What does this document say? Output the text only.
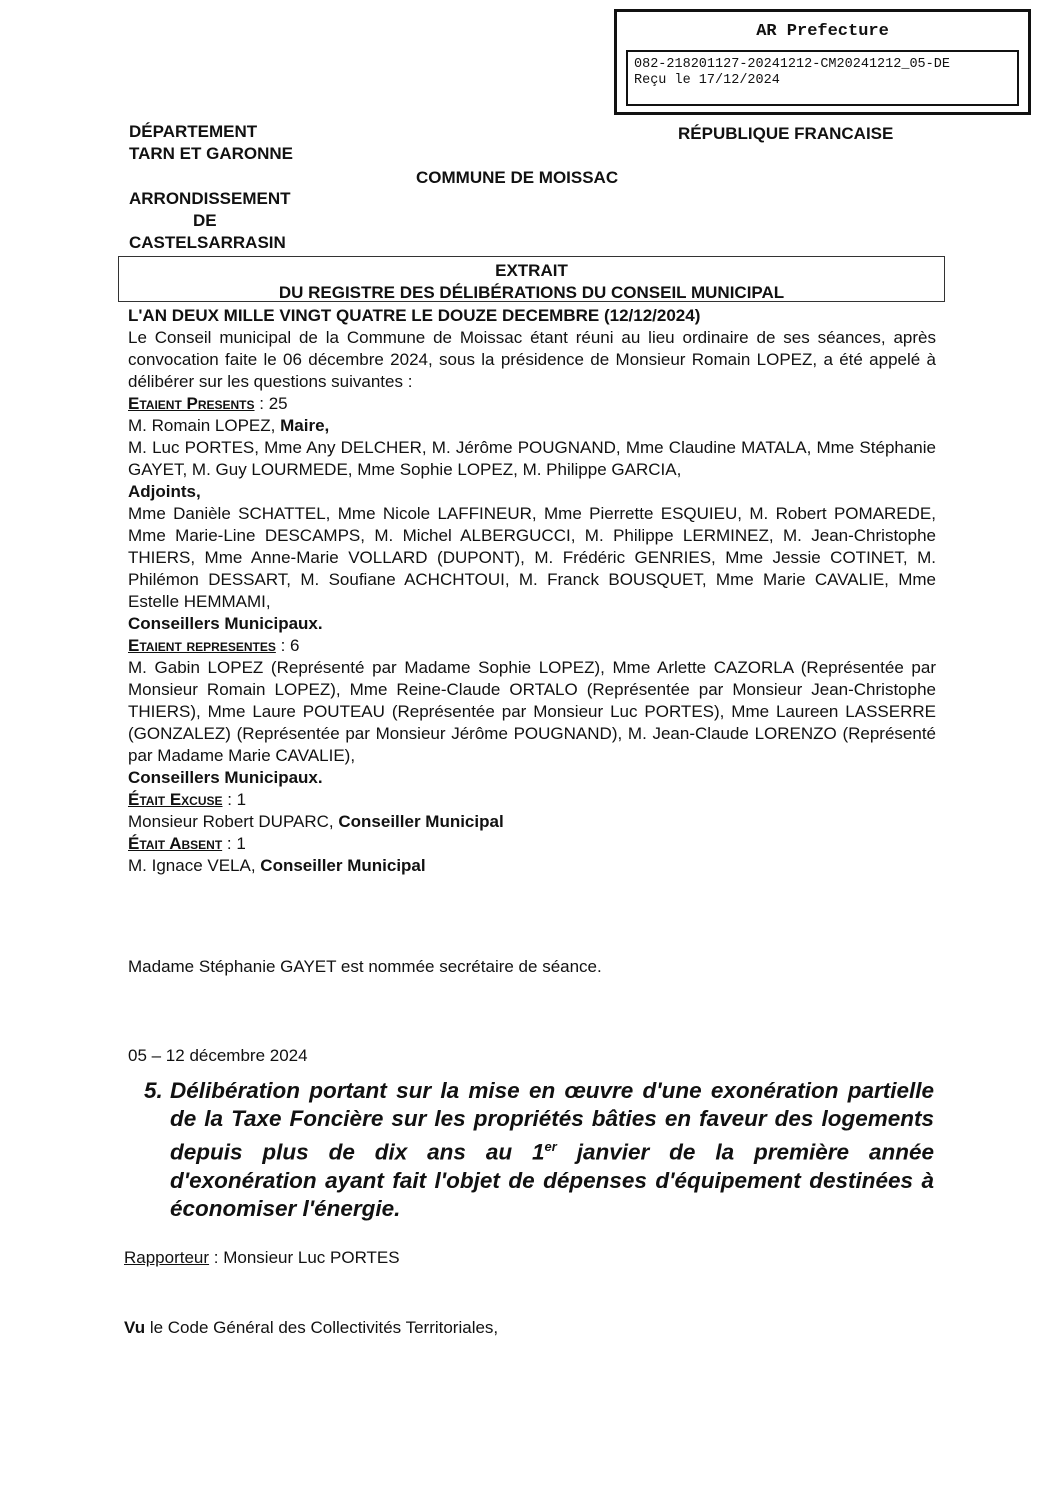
AR Prefecture
082-218201127-20241212-CM20241212_05-DE
Reçu le 17/12/2024
DÉPARTEMENT
TARN ET GARONNE
RÉPUBLIQUE FRANCAISE
COMMUNE DE MOISSAC
ARRONDISSEMENT
DE
CASTELSARRASIN
EXTRAIT
DU REGISTRE DES DÉLIBÉRATIONS DU CONSEIL MUNICIPAL

L'AN DEUX MILLE VINGT QUATRE LE DOUZE DECEMBRE (12/12/2024)

Le Conseil municipal de la Commune de Moissac étant réuni au lieu ordinaire de ses séances, après convocation faite le 06 décembre 2024, sous la présidence de Monsieur Romain LOPEZ, a été appelé à délibérer sur les questions suivantes :

Etaient Presents : 25

M. Romain LOPEZ, Maire,

M. Luc PORTES, Mme Any DELCHER, M. Jérôme POUGNAND, Mme Claudine MATALA, Mme Stéphanie GAYET, M. Guy LOURMEDE, Mme Sophie LOPEZ, M. Philippe GARCIA,

Adjoints,

Mme Danièle SCHATTEL, Mme Nicole LAFFINEUR, Mme Pierrette ESQUIEU, M. Robert POMAREDE, Mme Marie-Line DESCAMPS, M. Michel ALBERGUCCI, M. Philippe LERMINEZ, M. Jean-Christophe THIERS, Mme Anne-Marie VOLLARD (DUPONT), M. Frédéric GENRIES, Mme Jessie COTINET, M. Philémon DESSART, M. Soufiane ACHCHTOUI, M. Franck BOUSQUET, Mme Marie CAVALIE, Mme Estelle HEMMAMI,

Conseillers Municipaux.

Etaient representes : 6

M. Gabin LOPEZ (Représenté par Madame Sophie LOPEZ), Mme Arlette CAZORLA (Représentée par Monsieur Romain LOPEZ), Mme Reine-Claude ORTALO (Représentée par Monsieur Jean-Christophe THIERS), Mme Laure POUTEAU (Représentée par Monsieur Luc PORTES), Mme Laureen LASSERRE (GONZALEZ) (Représentée par Monsieur Jérôme POUGNAND), M. Jean-Claude LORENZO (Représenté par Madame Marie CAVALIE),

Conseillers Municipaux.

Était Excuse : 1

Monsieur Robert DUPARC, Conseiller Municipal

Était Absent : 1

M. Ignace VELA, Conseiller Municipal

Madame Stéphanie GAYET est nommée secrétaire de séance.
05 – 12 décembre 2024
5. Délibération portant sur la mise en œuvre d'une exonération partielle de la Taxe Foncière sur les propriétés bâties en faveur des logements depuis plus de dix ans au 1er janvier de la première année d'exonération ayant fait l'objet de dépenses d'équipement destinées à économiser l'énergie.
Rapporteur : Monsieur Luc PORTES
Vu le Code Général des Collectivités Territoriales,
